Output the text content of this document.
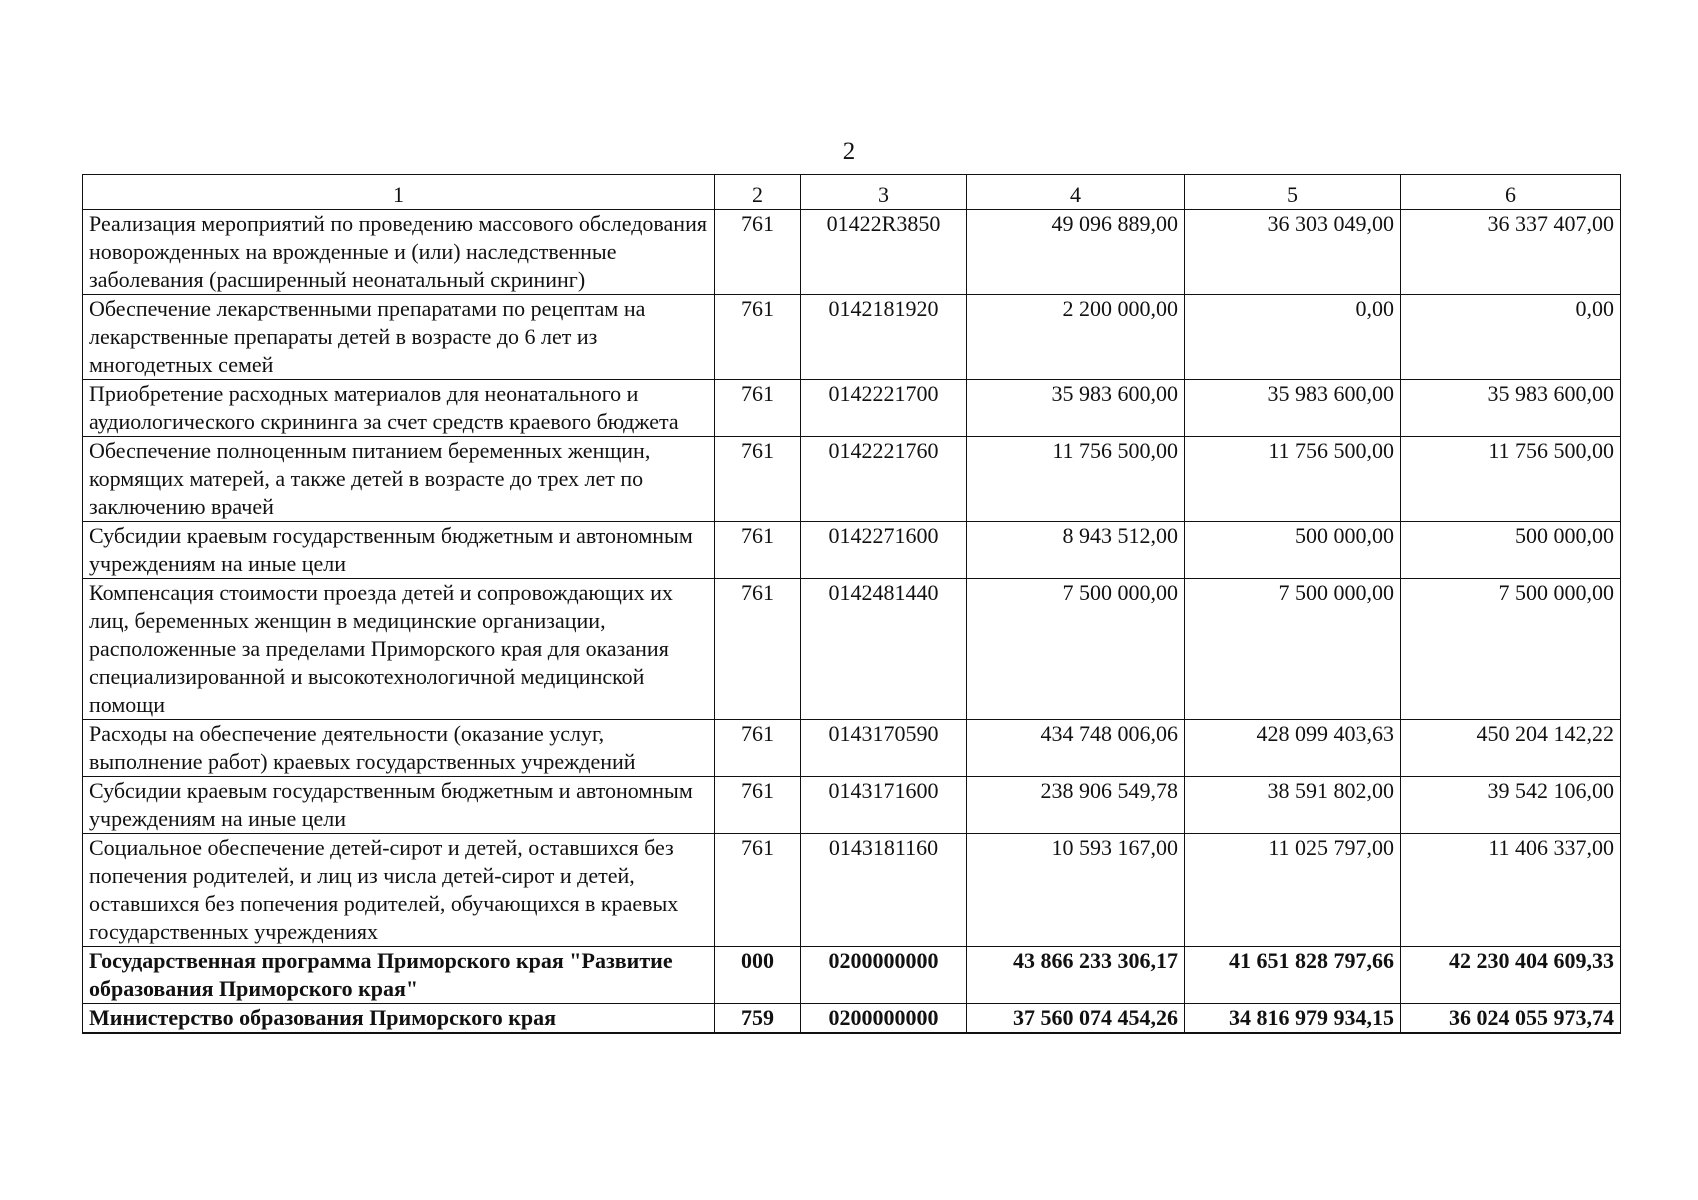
2
1	2	3	4	5	6
Реализация мероприятий по проведению массового обследования новорожденных на врожденные и (или) наследственные заболевания (расширенный неонатальный скрининг)	761	01422R3850	49 096 889,00	36 303 049,00	36 337 407,00
Обеспечение лекарственными препаратами по рецептам на лекарственные препараты детей в возрасте до 6 лет из многодетных семей	761	0142181920	2 200 000,00	0,00	0,00
Приобретение расходных материалов для неонатального и аудиологического скрининга за счет средств краевого бюджета	761	0142221700	35 983 600,00	35 983 600,00	35 983 600,00
Обеспечение полноценным питанием беременных женщин, кормящих матерей, а также детей в возрасте до трех лет по заключению врачей	761	0142221760	11 756 500,00	11 756 500,00	11 756 500,00
Субсидии краевым государственным бюджетным и автономным учреждениям на иные цели	761	0142271600	8 943 512,00	500 000,00	500 000,00
Компенсация стоимости проезда детей и сопровождающих их лиц, беременных женщин в медицинские организации, расположенные за пределами Приморского края для оказания специализированной и высокотехнологичной медицинской помощи	761	0142481440	7 500 000,00	7 500 000,00	7 500 000,00
Расходы на обеспечение деятельности (оказание услуг, выполнение работ) краевых государственных учреждений	761	0143170590	434 748 006,06	428 099 403,63	450 204 142,22
Субсидии краевым государственным бюджетным и автономным учреждениям на иные цели	761	0143171600	238 906 549,78	38 591 802,00	39 542 106,00
Социальное обеспечение детей-сирот и детей, оставшихся без попечения родителей, и лиц из числа детей-сирот и детей, оставшихся без попечения родителей, обучающихся в краевых государственных учреждениях	761	0143181160	10 593 167,00	11 025 797,00	11 406 337,00
Государственная программа Приморского края "Развитие образования Приморского края"	000	0200000000	43 866 233 306,17	41 651 828 797,66	42 230 404 609,33
Министерство образования Приморского края	759	0200000000	37 560 074 454,26	34 816 979 934,15	36 024 055 973,74
